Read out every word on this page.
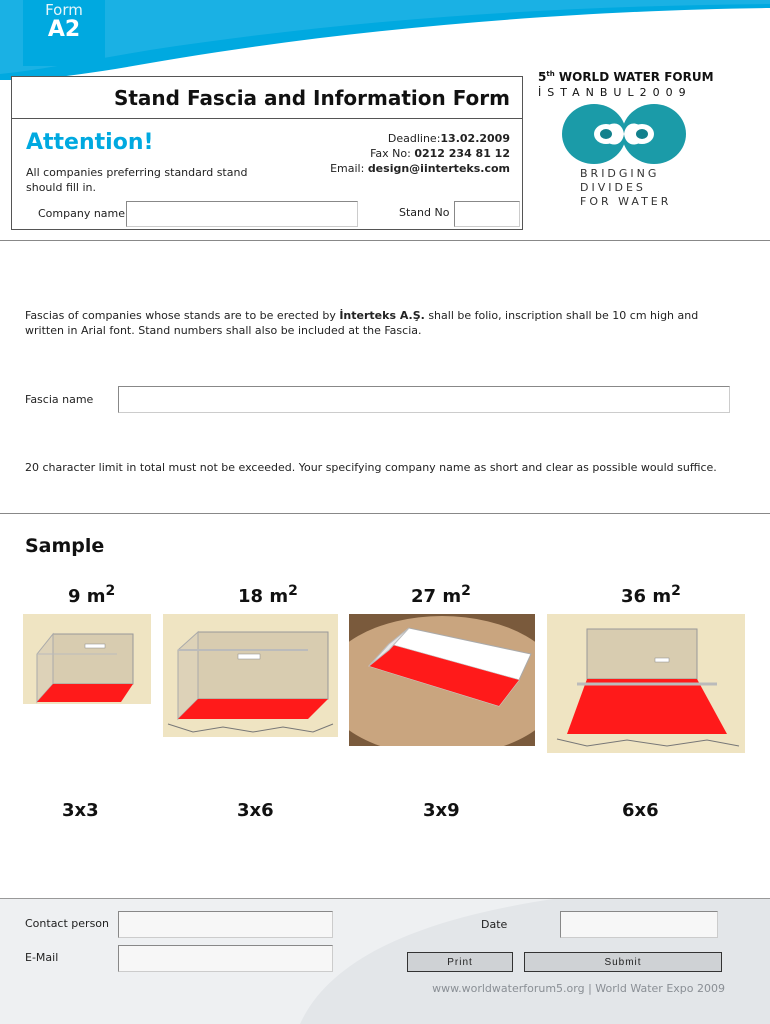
Form
A2
Stand Fascia and Information Form
Attention!
All companies preferring standard stand should fill in.
Deadline:13.02.2009
Fax No: 0212 234 81 12
Email: design@iinterteks.com
Company name	Stand No
5th WORLD WATER FORUM
İSTANBUL2009
BRIDGING
DIVIDES
FOR WATER
Fascias of companies whose stands are to be erected by İnterteks A.Ş. shall be folio, inscription shall be 10 cm high and written in Arial font. Stand numbers shall also be included at the Fascia.
Fascia name
20 character limit in total must not be exceeded. Your specifying company name as short and clear as possible would suffice.
Sample
9 $m^2$	18 $m^2$	27 $m^2$	36 $m^2$
3x3	3x6	3x9	6x6
Contact person	Date
E-Mail	Print	Submit
www.worldwaterforum5.org | World Water Expo 2009
